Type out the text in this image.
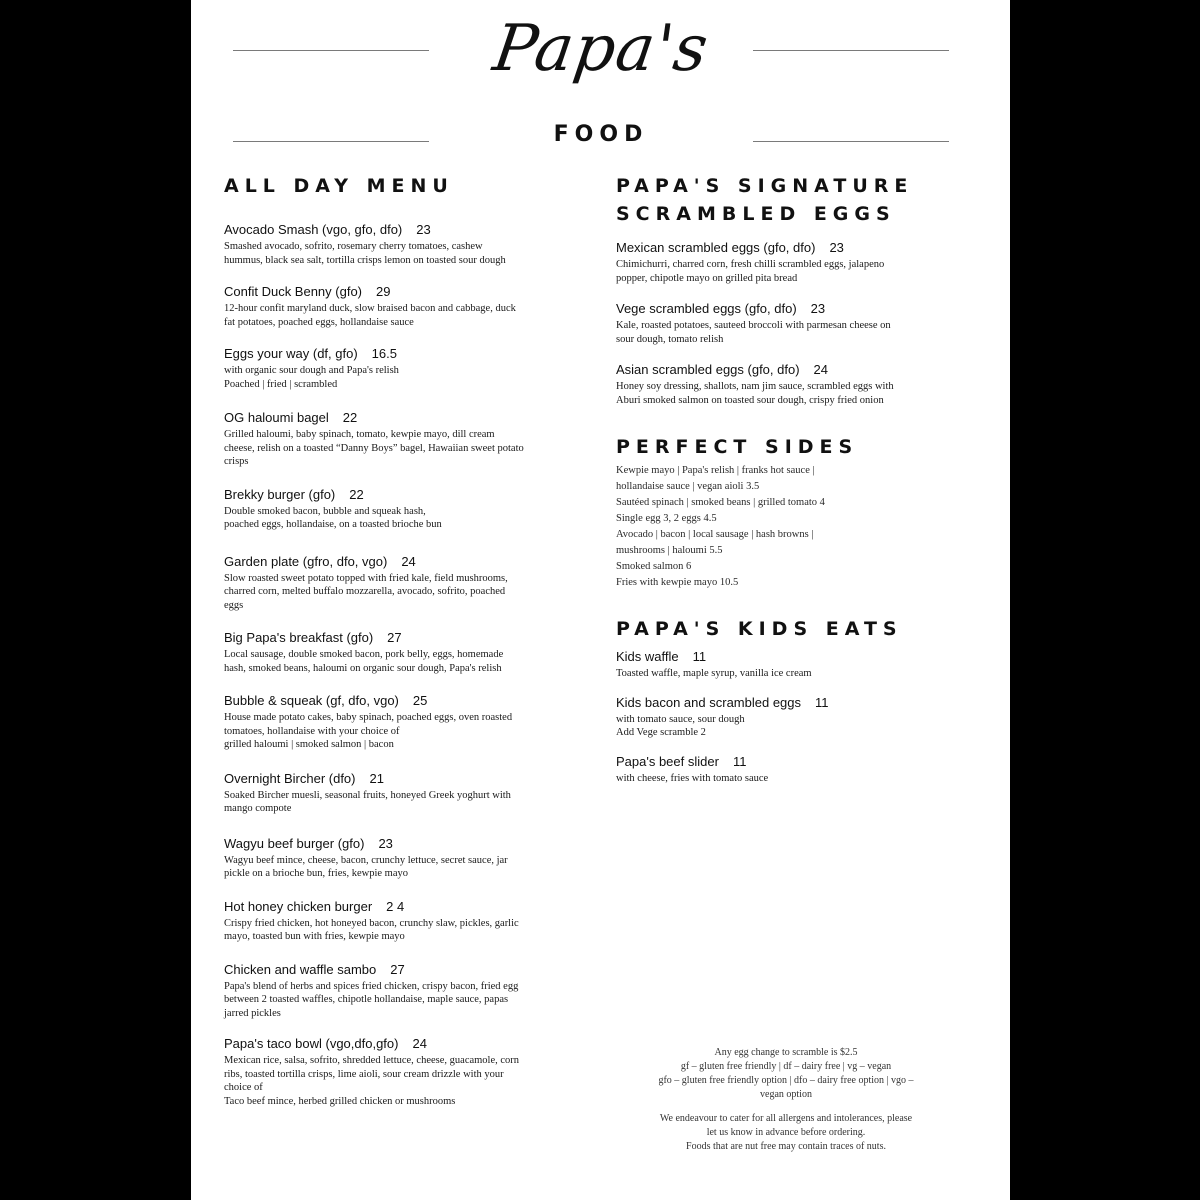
Papa's
FOOD
ALL DAY MENU
Avocado Smash (vgo, gfo, dfo) 23
Smashed avocado, sofrito, rosemary cherry tomatoes, cashew
hummus, black sea salt, tortilla crisps lemon on toasted sour dough
Confit Duck Benny (gfo) 29
12-hour confit maryland duck, slow braised bacon and cabbage, duck
fat potatoes, poached eggs, hollandaise sauce
Eggs your way (df, gfo) 16.5
with organic sour dough and Papa's relish
Poached | fried | scrambled
OG haloumi bagel 22
Grilled haloumi, baby spinach, tomato, kewpie mayo, dill cream
cheese, relish on a toasted “Danny Boys” bagel, Hawaiian sweet potato
crisps
Brekky burger (gfo) 22
Double smoked bacon, bubble and squeak hash,
poached eggs, hollandaise, on a toasted brioche bun
Garden plate (gfro, dfo, vgo) 24
Slow roasted sweet potato topped with fried kale, field mushrooms,
charred corn, melted buffalo mozzarella, avocado, sofrito, poached
eggs
Big Papa's breakfast (gfo) 27
Local sausage, double smoked bacon, pork belly, eggs, homemade
hash, smoked beans, haloumi on organic sour dough, Papa's relish
Bubble & squeak (gf, dfo, vgo) 25
House made potato cakes, baby spinach, poached eggs, oven roasted
tomatoes, hollandaise with your choice of
grilled haloumi | smoked salmon | bacon
Overnight Bircher (dfo) 21
Soaked Bircher muesli, seasonal fruits, honeyed Greek yoghurt with
mango compote
Wagyu beef burger (gfo) 23
Wagyu beef mince, cheese, bacon, crunchy lettuce, secret sauce, jar
pickle on a brioche bun, fries, kewpie mayo
Hot honey chicken burger 2 4
Crispy fried chicken, hot honeyed bacon, crunchy slaw, pickles, garlic
mayo, toasted bun with fries, kewpie mayo
Chicken and waffle sambo 27
Papa's blend of herbs and spices fried chicken, crispy bacon, fried egg
between 2 toasted waffles, chipotle hollandaise, maple sauce, papas
jarred pickles
Papa's taco bowl (vgo,dfo,gfo) 24
Mexican rice, salsa, sofrito, shredded lettuce, cheese, guacamole, corn
ribs, toasted tortilla crisps, lime aioli, sour cream drizzle with your
choice of
Taco beef mince, herbed grilled chicken or mushrooms
PAPA'S SIGNATURE
SCRAMBLED EGGS
Mexican scrambled eggs (gfo, dfo) 23
Chimichurri, charred corn, fresh chilli scrambled eggs, jalapeno
popper, chipotle mayo on grilled pita bread
Vege scrambled eggs (gfo, dfo) 23
Kale, roasted potatoes, sauteed broccoli with parmesan cheese on
sour dough, tomato relish
Asian scrambled eggs (gfo, dfo) 24
Honey soy dressing, shallots, nam jim sauce, scrambled eggs with
Aburi smoked salmon on toasted sour dough, crispy fried onion
PERFECT SIDES
Kewpie mayo | Papa's relish | franks hot sauce |
hollandaise sauce | vegan aioli 3.5
Sautéed spinach | smoked beans | grilled tomato 4
Single egg 3, 2 eggs 4.5
Avocado | bacon | local sausage | hash browns |
mushrooms | haloumi 5.5
Smoked salmon 6
Fries with kewpie mayo 10.5
PAPA'S KIDS EATS
Kids waffle 11
Toasted waffle, maple syrup, vanilla ice cream
Kids bacon and scrambled eggs 11
with tomato sauce, sour dough
Add Vege scramble 2
Papa's beef slider 11
with cheese, fries with tomato sauce
Any egg change to scramble is $2.5
gf – gluten free friendly | df – dairy free | vg – vegan
gfo – gluten free friendly option | dfo – dairy free option | vgo –
vegan option
We endeavour to cater for all allergens and intolerances, please
let us know in advance before ordering.
Foods that are nut free may contain traces of nuts.
